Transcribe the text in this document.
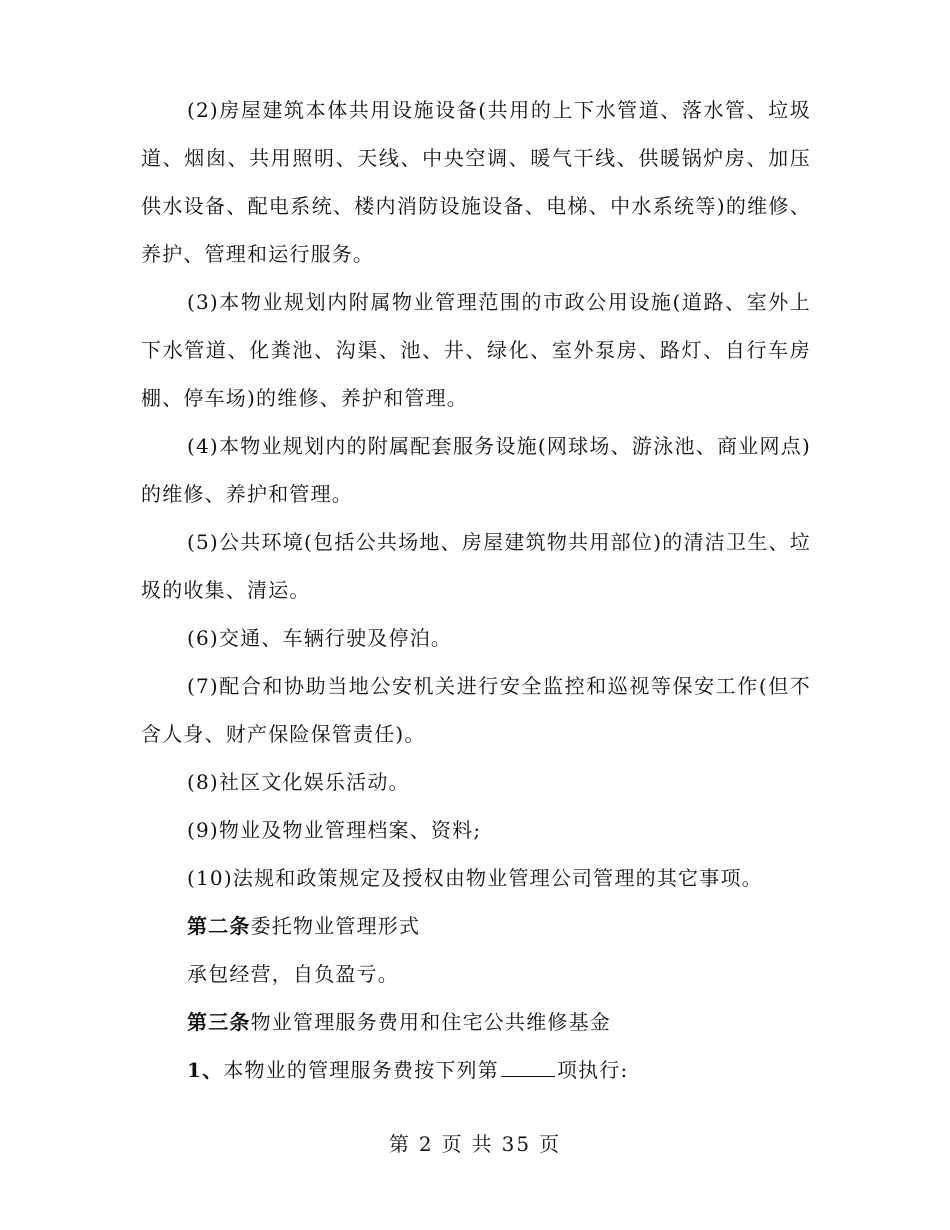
(2)房屋建筑本体共用设施设备(共用的上下水管道、落水管、垃圾道、烟囱、共用照明、天线、中央空调、暖气干线、供暖锅炉房、加压供水设备、配电系统、楼内消防设施设备、电梯、中水系统等)的维修、养护、管理和运行服务。

(3)本物业规划内附属物业管理范围的市政公用设施(道路、室外上下水管道、化粪池、沟渠、池、井、绿化、室外泵房、路灯、自行车房棚、停车场)的维修、养护和管理。

(4)本物业规划内的附属配套服务设施(网球场、游泳池、商业网点)的维修、养护和管理。

(5)公共环境(包括公共场地、房屋建筑物共用部位)的清洁卫生、垃圾的收集、清运。

(6)交通、车辆行驶及停泊。

(7)配合和协助当地公安机关进行安全监控和巡视等保安工作(但不含人身、财产保险保管责任)。

(8)社区文化娱乐活动。

(9)物业及物业管理档案、资料;

(10)法规和政策规定及授权由物业管理公司管理的其它事项。

第二条委托物业管理形式

承包经营，自负盈亏。

第三条物业管理服务费用和住宅公共维修基金

1、本物业的管理服务费按下列第	项执行:

第 2 页 共 35 页
